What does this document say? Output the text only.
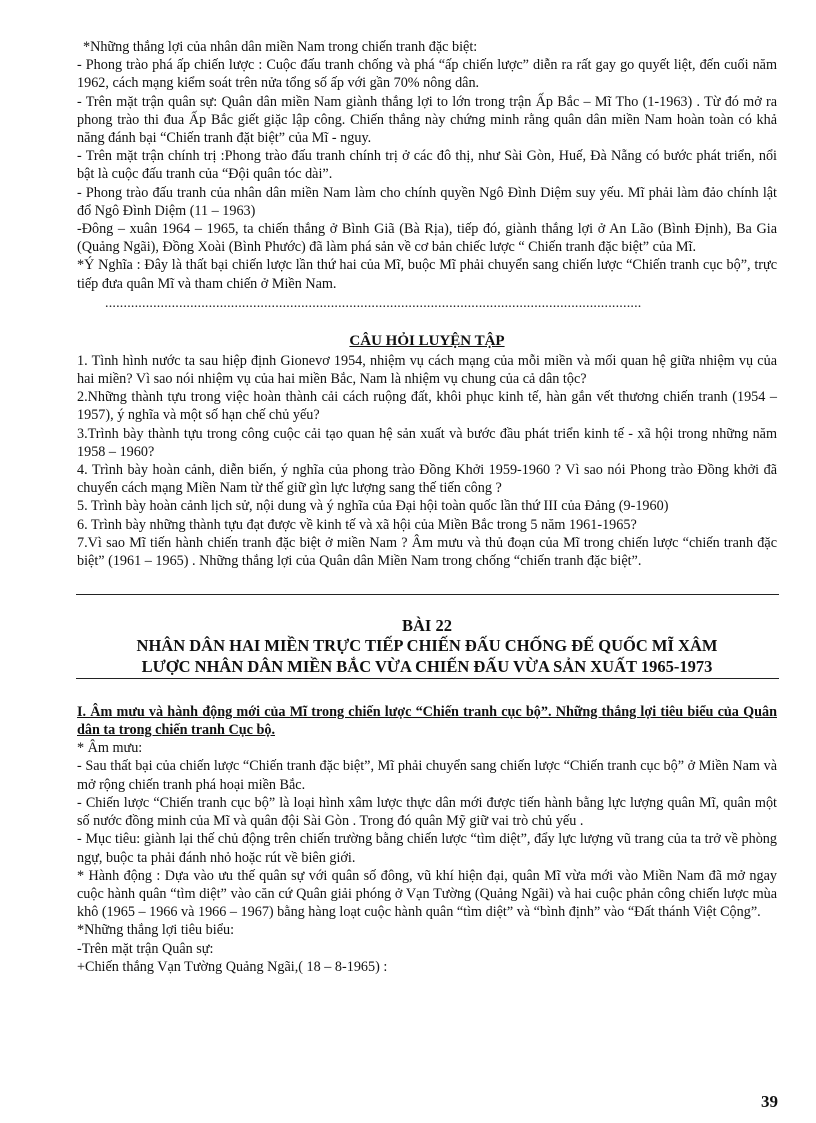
*Những thắng lợi của nhân dân miền Nam trong chiến tranh đặc biệt:

- Phong trào phá ấp chiến lược : Cuộc đấu tranh chống và phá “ấp chiến lược” diễn ra rất gay go quyết liệt, đến cuối năm 1962, cách mạng kiểm soát trên nửa tổng số ấp với gần 70% nông dân.

- Trên mặt trận quân sự: Quân dân miền Nam giành thắng lợi to lớn trong trận Ấp Bắc – Mĩ Tho (1-1963) . Từ đó mở ra phong trào thi đua Ấp Bắc giết giặc lập công. Chiến thắng này chứng minh rằng quân dân miền Nam hoàn toàn có khả năng đánh bại “Chiến tranh đặt biệt” của Mĩ - nguy.

- Trên mặt trận chính trị :Phong trào đấu tranh chính trị ở các đô thị, như Sài Gòn, Huế, Đà Nẵng có bước phát triển, nổi bật là cuộc đấu tranh của “Đội quân tóc dài”.

- Phong trào đấu tranh của nhân dân miền Nam làm cho chính quyền Ngô Đình Diệm suy yếu. Mĩ phải làm đảo chính lật đổ Ngô Đình Diệm (11 – 1963)

-Đông – xuân 1964 – 1965, ta chiến thắng ở Bình Giã (Bà Rịa), tiếp đó, giành thắng lợi ở An Lão (Bình Định), Ba Gia (Quảng Ngãi), Đồng Xoài (Bình Phước) đã làm phá sản về cơ bản chiếc lược “ Chiến tranh đặc biệt” của Mĩ.

*Ý Nghĩa : Đây là thất bại chiến lược lần thứ hai của Mĩ, buộc Mĩ phải chuyển sang chiến lược “Chiến tranh cục bộ”, trực tiếp đưa quân Mĩ và tham chiến ở Miền Nam.

.................................................................................................................................................
CÂU HỎI LUYỆN TẬP

1. Tình hình nước ta sau hiệp định Gionevơ 1954, nhiệm vụ cách mạng của mỗi miền và mối quan hệ giữa nhiệm vụ của hai miền? Vì sao nói nhiệm vụ của hai miền Bắc, Nam là nhiệm vụ chung của cả dân tộc?

2.Những thành tựu trong việc hoàn thành cải cách ruộng đất, khôi phục kinh tế, hàn gắn vết thương chiến tranh (1954 – 1957), ý nghĩa và một số hạn chế chủ yếu?

3.Trình bày thành tựu trong công cuộc cải tạo quan hệ sản xuất và bước đầu phát triển kinh tế - xã hội trong những năm 1958 – 1960?

4. Trình bày hoàn cảnh, diễn biến, ý nghĩa của phong trào Đồng Khởi 1959-1960 ? Vì sao nói Phong trào Đồng khởi đã chuyển cách mạng Miền Nam từ thế giữ gìn lực lượng sang thế tiến công ?

5. Trình bày hoàn cảnh lịch sử, nội dung và ý nghĩa của Đại hội toàn quốc lần thứ III của Đảng (9-1960)

6. Trình bày những thành tựu đạt được về kinh tế và xã hội của Miền Bắc trong 5 năm 1961-1965?

7.Vì sao Mĩ tiến hành chiến tranh đặc biệt ở miền Nam ? Âm mưu và thủ đoạn của Mĩ trong chiến lược “chiến tranh đặc biệt” (1961 – 1965) . Những thắng lợi của Quân dân Miền Nam trong chống “chiến tranh đặc biệt”.

BÀI 22
NHÂN DÂN HAI MIỀN TRỰC TIẾP CHIẾN ĐẤU CHỐNG ĐẾ QUỐC MĨ XÂM
LƯỢC NHÂN DÂN MIỀN BẮC VỪA CHIẾN ĐẤU VỪA SẢN XUẤT 1965-1973

I. Âm mưu và hành động mới của Mĩ trong chiến lược “Chiến tranh cục bộ”. Những thắng lợi tiêu biểu của Quân dân ta trong chiến tranh Cục bộ.

* Âm mưu:

- Sau thất bại của chiến lược “Chiến tranh đặc biệt”, Mĩ phải chuyển sang chiến lược “Chiến tranh cục bộ” ở Miền Nam và mở rộng chiến tranh phá hoại miền Bắc.

- Chiến lược “Chiến tranh cục bộ” là loại hình xâm lược thực dân mới được tiến hành bằng lực lượng quân Mĩ, quân một số nước đồng minh của Mĩ và quân đội Sài Gòn . Trong đó quân Mỹ giữ vai trò chủ yếu .

- Mục tiêu: giành lại thế chủ động trên chiến trường bằng chiến lược “tìm diệt”, đẩy lực lượng vũ trang của ta trở về phòng ngự, buộc ta phải đánh nhỏ hoặc rút về biên giới.

* Hành động : Dựa vào ưu thế quân sự với quân số đông, vũ khí hiện đại, quân Mĩ vừa mới vào Miền Nam đã mở ngay cuộc hành quân “tìm diệt” vào căn cứ Quân giải phóng ở Vạn Tường (Quảng Ngãi) và hai cuộc phản công chiến lược mùa khô (1965 – 1966 và 1966 – 1967) bằng hàng loạt cuộc hành quân “tìm diệt” và “bình định” vào “Đất thánh Việt Cộng”.

*Những thắng lợi tiêu biểu:

-Trên mặt trận Quân sự:

+Chiến thắng Vạn Tường Quảng Ngãi,( 18 – 8-1965) :

39
